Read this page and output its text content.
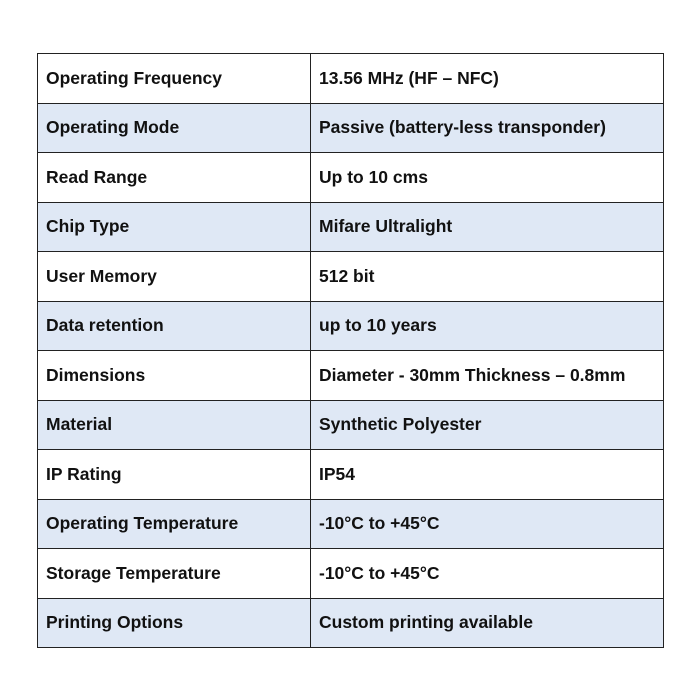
Operating Frequency	13.56 MHz (HF – NFC)
Operating Mode	Passive (battery-less transponder)
Read Range	Up to 10 cms
Chip Type	Mifare Ultralight
User Memory	512 bit
Data retention	up to 10 years
Dimensions	Diameter - 30mm Thickness – 0.8mm
Material	Synthetic Polyester
IP Rating	IP54
Operating Temperature	-10°C to +45°C
Storage Temperature	-10°C to +45°C
Printing Options	Custom printing available
